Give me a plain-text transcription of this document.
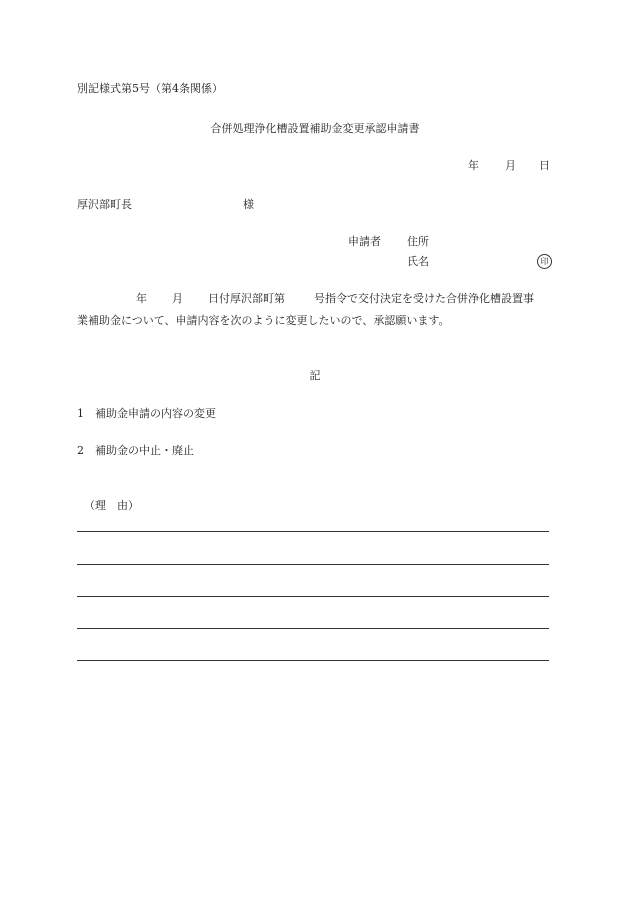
別記様式第5号（第4条関係）
合併処理浄化槽設置補助金変更承認申請書
年 月 日
厚沢部町長	様
申請者 住所
氏名	印
年 月 日付厚沢部町第	号指令で交付決定を受けた合併浄化槽設置事
業補助金について、申請内容を次のように変更したいので、承認願います。
記
1 補助金申請の内容の変更
2 補助金の中止・廃止
（理　由）
